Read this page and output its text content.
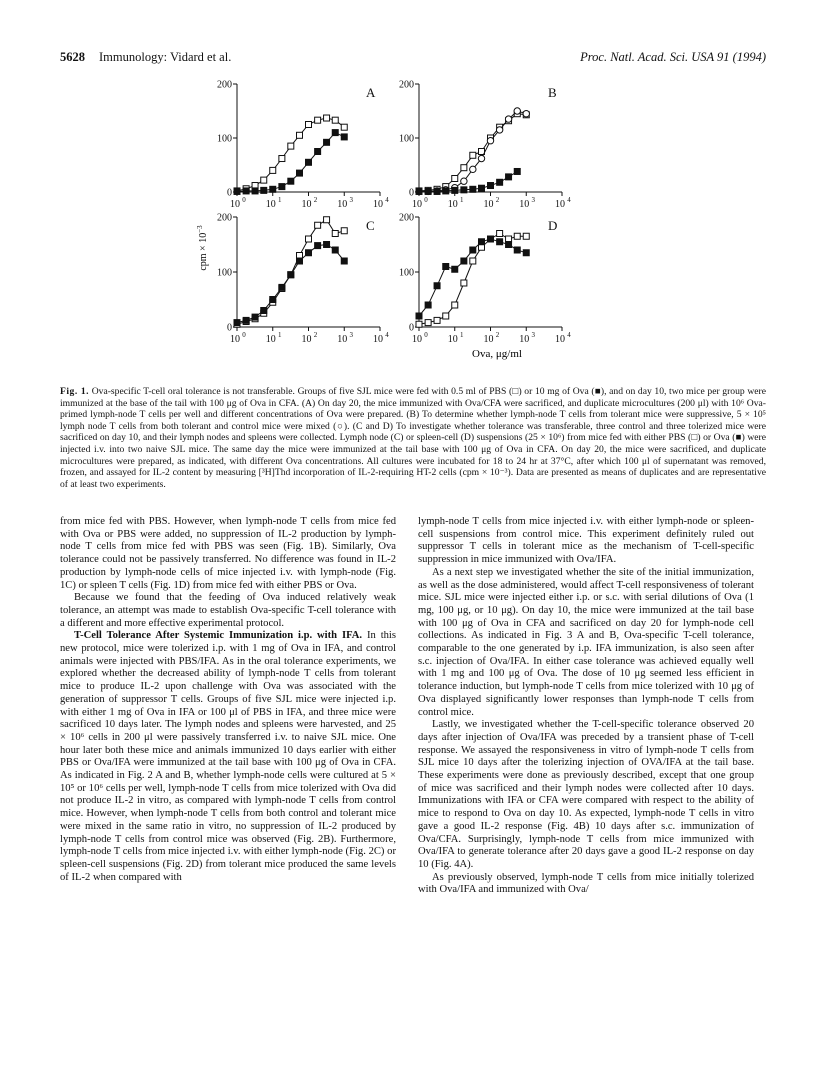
5628 Immunology: Vidard et al.	Proc. Natl. Acad. Sci. USA 91 (1994)
cpm × $10^{-3}$
Ova, μg/ml
0
100
200
10 0 10 1 10 2 10 3 10 4
A
0
100
200
10 0 10 1 10 2 10 3 10 4
B
0
100
200
10 0 10 1 10 2 10 3 10 4
C
0
100
200
10 0 10 1 10 2 10 3 10 4
D

Fig. 1. Ova-specific T-cell oral tolerance is not transferable. Groups of five SJL mice were fed with 0.5 ml of PBS (□) or 10 mg of Ova (■), and on day 10, two mice per group were immunized at the base of the tail with 100 μg of Ova in CFA. (A) On day 20, the mice immunized with Ova/CFA were sacrificed, and duplicate microcultures (200 μl) with 10⁶ Ova-primed lymph-node T cells per well and different concentrations of Ova were prepared. (B) To determine whether lymph-node T cells from tolerant mice were suppressive, 5 × 10⁵ lymph node T cells from both tolerant and control mice were mixed (○). (C and D) To investigate whether tolerance was transferable, three control and three tolerized mice were sacrificed on day 10, and their lymph nodes and spleens were collected. Lymph node (C) or spleen-cell (D) suspensions (25 × 10⁶) from mice fed with either PBS (□) or Ova (■) were injected i.v. into two naive SJL mice. The same day the mice were immunized at the tail base with 100 μg of Ova in CFA. On day 20, the mice were sacrificed, and duplicate microcultures were prepared, as indicated, with different Ova concentrations. All cultures were incubated for 18 to 24 hr at 37°C, after which 100 μl of supernatant was removed, frozen, and assayed for IL-2 content by measuring [³H]Thd incorporation of IL-2-requiring HT-2 cells (cpm × 10⁻³). Data are presented as means of duplicates and are representative of at least two experiments.

from mice fed with PBS. However, when lymph-node T cells from mice fed with Ova or PBS were added, no suppression of IL-2 production by lymph-node T cells from mice fed with PBS was seen (Fig. 1B). Similarly, Ova tolerance could not be passively transferred. No difference was found in IL-2 production by lymph-node cells of mice injected i.v. with lymph-node (Fig. 1C) or spleen T cells (Fig. 1D) from mice fed with either PBS or Ova.

Because we found that the feeding of Ova induced relatively weak tolerance, an attempt was made to establish Ova-specific T-cell tolerance with a different and more effective experimental protocol.

T-Cell Tolerance After Systemic Immunization i.p. with IFA. In this new protocol, mice were tolerized i.p. with 1 mg of Ova in IFA, and control animals were injected with PBS/IFA. As in the oral tolerance experiments, we explored whether the decreased ability of lymph-node T cells from tolerant mice to produce IL-2 upon challenge with Ova was associated with the generation of suppressor T cells. Groups of five SJL mice were injected i.p. with either 1 mg of Ova in IFA or 100 μl of PBS in IFA, and three mice were sacrificed 10 days later. The lymph nodes and spleens were harvested, and 25 × 10⁶ cells in 200 μl were passively transferred i.v. to naive SJL mice. One hour later both these mice and animals immunized 10 days earlier with either PBS or Ova/IFA were immunized at the tail base with 100 μg of Ova in CFA. As indicated in Fig. 2 A and B, whether lymph-node cells were cultured at 5 × 10⁵ or 10⁶ cells per well, lymph-node T cells from mice tolerized with Ova did not produce IL-2 in vitro, as compared with lymph-node T cells from control mice. However, when lymph-node T cells from both control and tolerant mice were mixed in the same ratio in vitro, no suppression of IL-2 produced by lymph-node T cells from control mice was observed (Fig. 2B). Furthermore, lymph-node T cells from mice injected i.v. with either lymph-node (Fig. 2C) or spleen-cell suspensions (Fig. 2D) from tolerant mice produced the same levels of IL-2 when compared with

lymph-node T cells from mice injected i.v. with either lymph-node or spleen-cell suspensions from control mice. This experiment definitely ruled out suppressor T cells in tolerant mice as the mechanism of T-cell-specific suppression in mice immunized with Ova/IFA.

As a next step we investigated whether the site of the initial immunization, as well as the dose administered, would affect T-cell responsiveness of tolerant mice. SJL mice were injected either i.p. or s.c. with serial dilutions of Ova (1 mg, 100 μg, or 10 μg). On day 10, the mice were immunized at the tail base with 100 μg of Ova in CFA and sacrificed on day 20 for lymph-node cell collections. As indicated in Fig. 3 A and B, Ova-specific T-cell tolerance, comparable to the one generated by i.p. IFA immunization, is also seen after s.c. injection of Ova/IFA. In either case tolerance was achieved equally well with 1 mg and 100 μg of Ova. The dose of 10 μg seemed less efficient in tolerance induction, but lymph-node T cells from mice tolerized with 10 μg of Ova displayed significantly lower responses than lymph-node T cells from control mice.

Lastly, we investigated whether the T-cell-specific tolerance observed 20 days after injection of Ova/IFA was preceded by a transient phase of T-cell response. We assayed the responsiveness in vitro of lymph-node T cells from SJL mice 10 days after the tolerizing injection of OVA/IFA at the tail base. These experiments were done as previously described, except that one group of mice was sacrificed and their lymph nodes were collected after 10 days. Immunizations with IFA or CFA were compared with respect to the ability of mice to respond to Ova on day 10. As expected, lymph-node T cells in vitro gave a good IL-2 response (Fig. 4B) 10 days after s.c. immunization of Ova/CFA. Surprisingly, lymph-node T cells from mice immunized with Ova/IFA to generate tolerance after 20 days gave a good IL-2 response on day 10 (Fig. 4A).

As previously observed, lymph-node T cells from mice initially tolerized with Ova/IFA and immunized with Ova/
